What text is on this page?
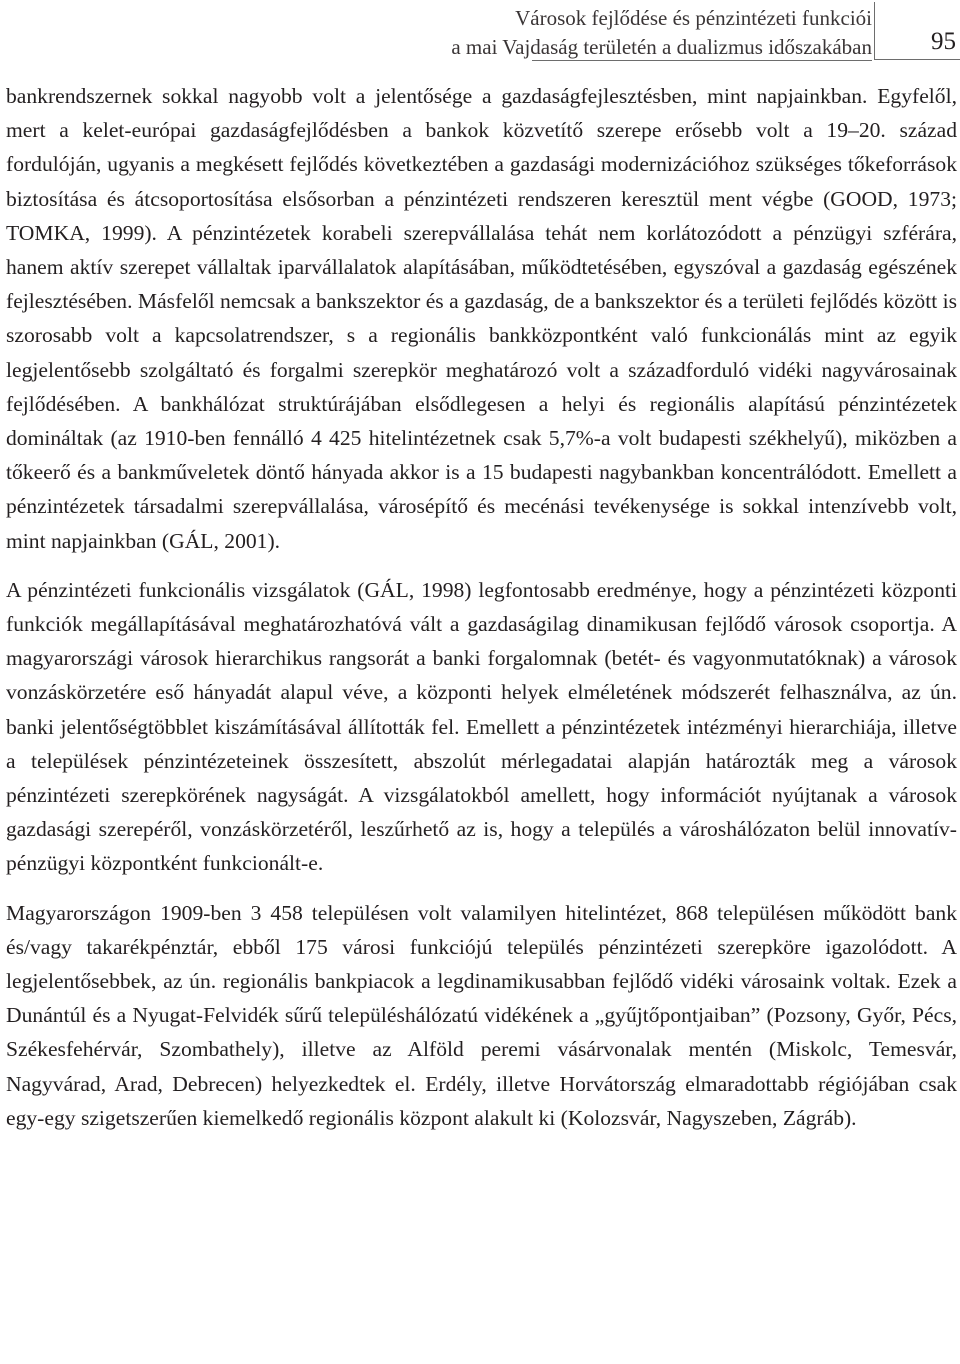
Városok fejlődése és pénzintézeti funkciói
a mai Vajdaság területén a dualizmus időszakában 95

bankrendszernek sokkal nagyobb volt a jelentősége a gazdaságfejlesztésben, mint napjainkban. Egyfelől, mert a kelet-európai gazdaságfejlődésben a bankok közvetítő szerepe erősebb volt a 19–20. század fordulóján, ugyanis a megkésett fejlődés következtében a gazdasági modernizációhoz szükséges tőkeforrások biztosítása és átcsoportosítása elsősorban a pénzintézeti rendszeren keresztül ment végbe (GOOD, 1973; TOMKA, 1999). A pénzintézetek korabeli szerepvállalása tehát nem korlátozódott a pénzügyi szférára, hanem aktív szerepet vállaltak iparvállalatok alapításában, működtetésében, egyszóval a gazdaság egészének fejlesztésében. Másfelől nemcsak a bankszektor és a gazdaság, de a bankszektor és a területi fejlődés között is szorosabb volt a kapcsolatrendszer, s a regionális bankközpontként való funkcionálás mint az egyik legjelentősebb szolgáltató és forgalmi szerepkör meghatározó volt a századforduló vidéki nagyvárosainak fejlődésében. A bankhálózat struktúrájában elsődlegesen a helyi és regionális alapítású pénzintézetek domináltak (az 1910-ben fennálló 4 425 hitelintézetnek csak 5,7%-a volt budapesti székhelyű), miközben a tőkeerő és a bankműveletek döntő hányada akkor is a 15 budapesti nagybankban koncentrálódott. Emellett a pénzintézetek társadalmi szerepvállalása, városépítő és mecénási tevékenysége is sokkal intenzívebb volt, mint napjainkban (GÁL, 2001).

A pénzintézeti funkcionális vizsgálatok (GÁL, 1998) legfontosabb eredménye, hogy a pénzintézeti központi funkciók megállapításával meghatározhatóvá vált a gazdaságilag dinamikusan fejlődő városok csoportja. A magyarországi városok hierarchikus rangsorát a banki forgalomnak (betét- és vagyonmutatóknak) a városok vonzáskörzetére eső hányadát alapul véve, a központi helyek elméletének módszerét felhasználva, az ún. banki jelentőségtöbblet kiszámításával állították fel. Emellett a pénzintézetek intézményi hierarchiája, illetve a települések pénzintézeteinek összesített, abszolút mérlegadatai alapján határozták meg a városok pénzintézeti szerepkörének nagyságát. A vizsgálatokból amellett, hogy információt nyújtanak a városok gazdasági szerepéről, vonzáskörzetéről, leszűrhető az is, hogy a település a városhálózaton belül innovatív-pénzügyi központként funkcionált-e.

Magyarországon 1909-ben 3 458 településen volt valamilyen hitelintézet, 868 településen működött bank és/vagy takarékpénztár, ebből 175 városi funkciójú település pénzintézeti szerepköre igazolódott. A legjelentősebbek, az ún. regionális bankpiacok a legdinamikusabban fejlődő vidéki városaink voltak. Ezek a Dunántúl és a Nyugat-Felvidék sűrű településhálózatú vidékének a „gyűjtőpontjaiban” (Pozsony, Győr, Pécs, Székesfehérvár, Szombathely), illetve az Alföld peremi vásárvonalak mentén (Miskolc, Temesvár, Nagyvárad, Arad, Debrecen) helyezkedtek el. Erdély, illetve Horvátország elmaradottabb régiójában csak egy-egy szigetszerűen kiemelkedő regionális központ alakult ki (Kolozsvár, Nagyszeben, Zágráb).
